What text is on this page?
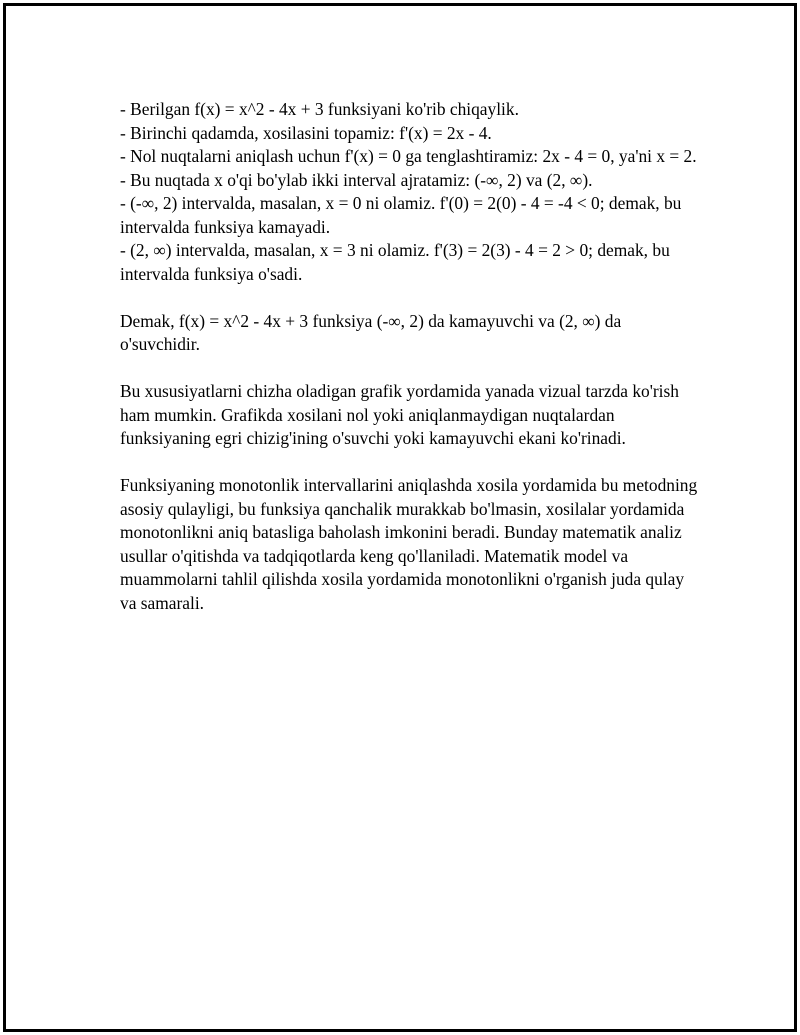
- Berilgan f(x) = x^2 - 4x + 3 funksiyani ko'rib chiqaylik.
- Birinchi qadamda, xosilasini topamiz: f'(x) = 2x - 4.
- Nol nuqtalarni aniqlash uchun f'(x) = 0 ga tenglashtiramiz: 2x - 4 = 0, ya'ni x = 2.
- Bu nuqtada x o'qi bo'ylab ikki interval ajratamiz: (-∞, 2) va (2, ∞).
- (-∞, 2) intervalda, masalan, x = 0 ni olamiz. f'(0) = 2(0) - 4 = -4 < 0; demak, bu intervalda funksiya kamayadi.
- (2, ∞) intervalda, masalan, x = 3 ni olamiz. f'(3) = 2(3) - 4 = 2 > 0; demak, bu intervalda funksiya o'sadi.

Demak, f(x) = x^2 - 4x + 3 funksiya (-∞, 2) da kamayuvchi va (2, ∞) da o'suvchidir.

Bu xususiyatlarni chizha oladigan grafik yordamida yanada vizual tarzda ko'rish ham mumkin. Grafikda xosilani nol yoki aniqlanmaydigan nuqtalardan funksiyaning egri chizig'ining o'suvchi yoki kamayuvchi ekani ko'rinadi.

Funksiyaning monotonlik intervallarini aniqlashda xosila yordamida bu metodning asosiy qulayligi, bu funksiya qanchalik murakkab bo'lmasin, xosilalar yordamida monotonlikni aniq batasliga baholash imkonini beradi. Bunday matematik analiz usullar o'qitishda va tadqiqotlarda keng qo'llaniladi. Matematik model va muammolarni tahlil qilishda xosila yordamida monotonlikni o'rganish juda qulay va samarali.
